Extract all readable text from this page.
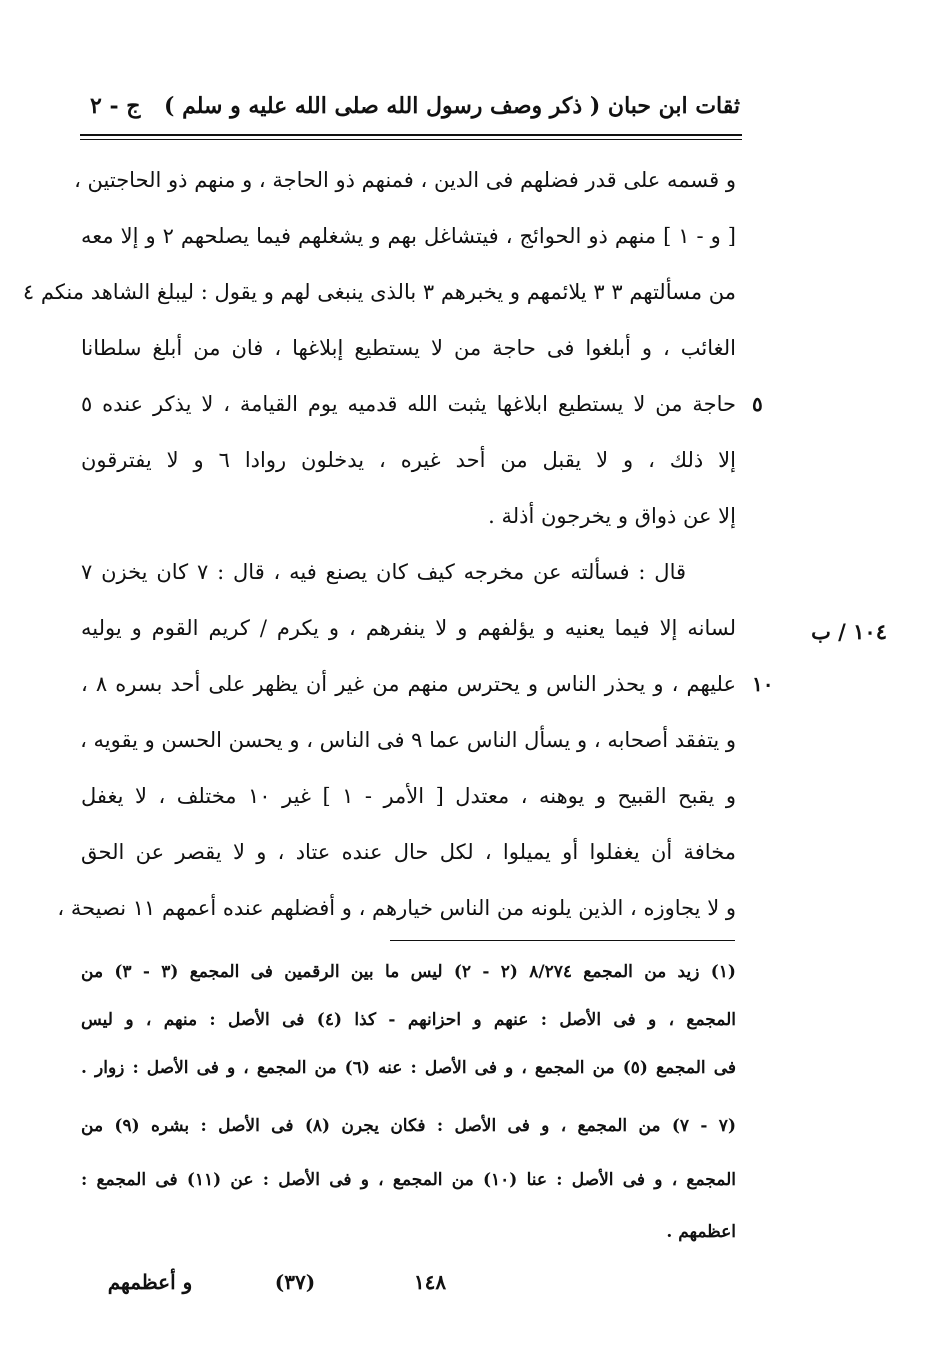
ثقات ابن حبان ( ذكر وصف رسول الله صلى الله عليه و سلم )
ج - ٢
و قسمه على قدر فضلهم فى الدين ، فمنهم ذو الحاجة ، و منهم ذو الحاجتين ،
[ و - ١ ] منهم ذو الحوائج ، فيتشاغل بهم و يشغلهم فيما يصلحهم ٢ و إلا معه
من مسألتهم ٣ ٣ يلائمهم و يخبرهم ٣ بالذى ينبغى لهم و يقول : ليبلغ الشاهد منكم ٤
الغائب ، و أبلغوا فى حاجة من لا يستطيع إبلاغها ، فان من أبلغ سلطانا
حاجة من لا يستطيع ابلاغها يثبت الله قدميه يوم القيامة ، لا يذكر عنده ٥
إلا ذلك ، و لا يقبل من أحد غيره ، يدخلون روادا ٦ و لا يفترقون
إلا عن ذواق و يخرجون أذلة .
قال : فسألته عن مخرجه كيف كان يصنع فيه ، قال : ٧ كان يخزن ٧
لسانه إلا فيما يعنيه و يؤلفهم و لا ينفرهم ، و يكرم / كريم القوم و يوليه
عليهم ، و يحذر الناس و يحترس منهم من غير أن يظهر على أحد بسره ٨ ،
و يتفقد أصحابه ، و يسأل الناس عما ٩ فى الناس ، و يحسن الحسن و يقويه ،
و يقبح القبيح و يوهنه ، معتدل [ الأمر - ١ ] غير ١٠ مختلف ، لا يغفل
مخافة أن يغفلوا أو يميلوا ، لكل حال عنده عتاد ، و لا يقصر عن الحق
و لا يجاوزه ، الذين يلونه من الناس خيارهم ، و أفضلهم عنده أعمهم ١١ نصيحة ،
٥
١٠
١٠٤ / ب
(١) زيد من المجمع ٨/٢٧٤ (٢ - ٢) ليس ما بين الرقمين فى المجمع (٣ - ٣) من
المجمع ، و فى الأصل : عنهم و احزانهم - كذا (٤) فى الأصل : منهم ، و ليس
فى المجمع (٥) من المجمع ، و فى الأصل : عنه (٦) من المجمع ، و فى الأصل : زوار .
(٧ - ٧) من المجمع ، و فى الأصل : فكان يجرن (٨) فى الأصل : بشره (٩) من
المجمع ، و فى الأصل : عنا (١٠) من المجمع ، و فى الأصل : عن (١١) فى المجمع :
اعظمهم .
١٤٨
(٣٧)
و أعظمهم
